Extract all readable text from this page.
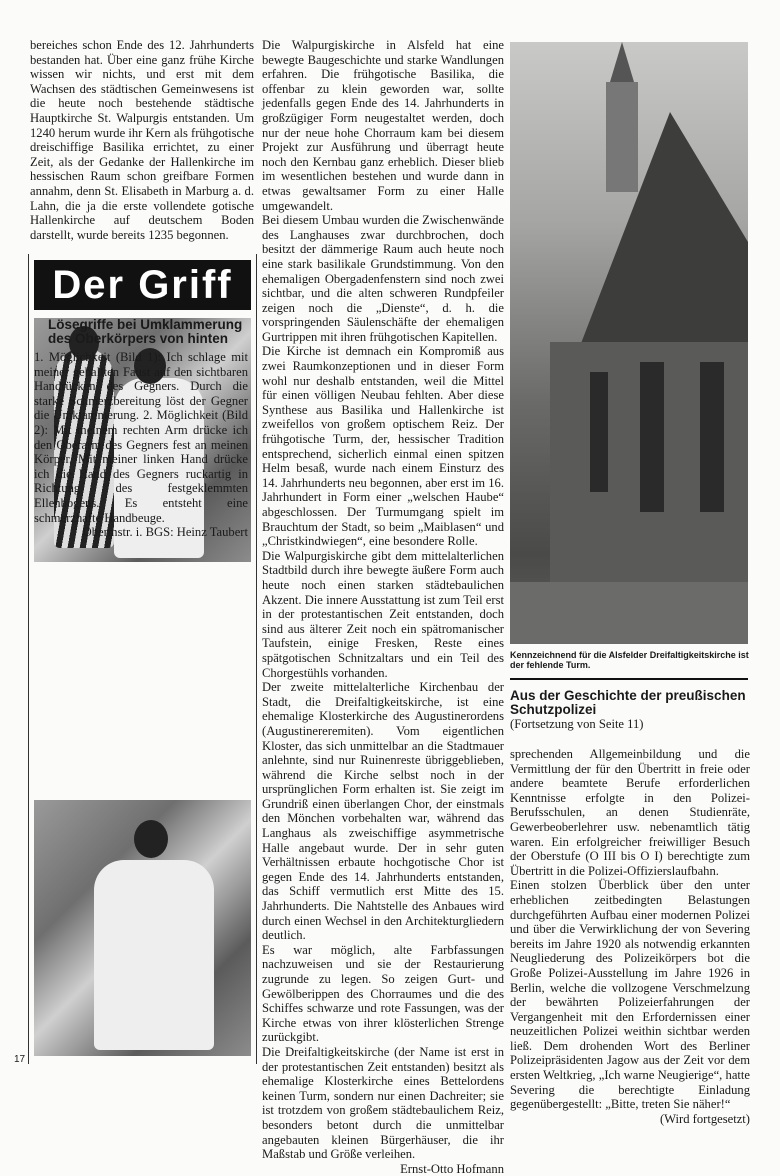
bereiches schon Ende des 12. Jahrhunderts bestanden hat. Über eine ganz frühe Kirche wissen wir nichts, und erst mit dem Wachsen des städtischen Gemeinwesens ist die heute noch bestehende städtische Hauptkirche St. Walpurgis entstanden. Um 1240 herum wurde ihr Kern als frühgotische dreischiffige Basilika errichtet, zu einer Zeit, als der Gedanke der Hallenkirche im hessischen Raum schon greifbare Formen annahm, denn St. Elisabeth in Marburg a. d. Lahn, die ja die erste vollendete gotische Hallenkirche auf deutschem Boden darstellt, wurde bereits 1235 begonnen.

Der Griff
Lösegriffe bei Umklammerung des Oberkörpers von hinten

1. Möglichkeit (Bild 1): Ich schlage mit meiner geballten Faust auf den sichtbaren Handrücken des Gegners. Durch die starke Schmerzbereitung löst der Gegner die Umklammerung. 2. Möglichkeit (Bild 2): Mit meinem rechten Arm drücke ich den Oberarm des Gegners fest an meinen Körper. Mit meiner linken Hand drücke ich die Hand des Gegners ruckartig in Richtung des festgeklemmten Ellenbogens. Es entsteht eine schmerzhafte Handbeuge.

Obermstr. i. BGS: Heinz Taubert

Die Walpurgiskirche in Alsfeld hat eine bewegte Baugeschichte und starke Wandlungen erfahren. Die frühgotische Basilika, die offenbar zu klein geworden war, sollte jedenfalls gegen Ende des 14. Jahrhunderts in großzügiger Form neugestaltet werden, doch nur der neue hohe Chorraum kam bei diesem Projekt zur Ausführung und überragt heute noch den Kernbau ganz erheblich. Dieser blieb im wesentlichen bestehen und wurde dann in etwas gewaltsamer Form zu einer Halle umgewandelt.

Bei diesem Umbau wurden die Zwischenwände des Langhauses zwar durchbrochen, doch besitzt der dämmerige Raum auch heute noch eine stark basilikale Grundstimmung. Von den ehemaligen Obergadenfenstern sind noch zwei sichtbar, und die alten schweren Rundpfeiler zeigen noch die „Dienste“, d. h. die vorspringenden Säulenschäfte der ehemaligen Gurtrippen mit ihren frühgotischen Kapitellen.

Die Kirche ist demnach ein Kompromiß aus zwei Raumkonzeptionen und in dieser Form wohl nur deshalb entstanden, weil die Mittel für einen völligen Neubau fehlten. Aber diese Synthese aus Basilika und Hallenkirche ist zweifellos von großem optischem Reiz. Der frühgotische Turm, der, hessischer Tradition entsprechend, sicherlich einmal einen spitzen Helm besaß, wurde nach einem Einsturz des 14. Jahrhunderts neu begonnen, aber erst im 16. Jahrhundert in Form einer „welschen Haube“ abgeschlossen. Der Turmumgang spielt im Brauchtum der Stadt, so beim „Maiblasen“ und „Christkindwiegen“, eine besondere Rolle.

Die Walpurgiskirche gibt dem mittelalterlichen Stadtbild durch ihre bewegte äußere Form auch heute noch einen starken städtebaulichen Akzent. Die innere Ausstattung ist zum Teil erst in der protestantischen Zeit entstanden, doch sind aus älterer Zeit noch ein spätromanischer Taufstein, einige Fresken, Reste eines spätgotischen Schnitzaltars und ein Teil des Chorgestühls vorhanden.

Der zweite mittelalterliche Kirchenbau der Stadt, die Dreifaltigkeitskirche, ist eine ehemalige Klosterkirche des Augustinerordens (Augustinereremiten). Vom eigentlichen Kloster, das sich unmittelbar an die Stadtmauer anlehnte, sind nur Ruinenreste übriggeblieben, während die Kirche selbst noch in der ursprünglichen Form erhalten ist. Sie zeigt im Grundriß einen überlangen Chor, der einstmals den Mönchen vorbehalten war, während das Langhaus als zweischiffige asymmetrische Halle angebaut wurde. Der in sehr guten Verhältnissen erbaute hochgotische Chor ist gegen Ende des 14. Jahrhunderts entstanden, das Schiff vermutlich erst Mitte des 15. Jahrhunderts. Die Nahtstelle des Anbaues wird durch einen Wechsel in den Architekturgliedern deutlich.

Es war möglich, alte Farbfassungen nachzuweisen und sie der Restaurierung zugrunde zu legen. So zeigen Gurt- und Gewölberippen des Chorraumes und die des Schiffes schwarze und rote Fassungen, was der Kirche etwas von ihrer klösterlichen Strenge zurückgibt.

Die Dreifaltigkeitskirche (der Name ist erst in der protestantischen Zeit entstanden) besitzt als ehemalige Klosterkirche eines Bettelordens keinen Turm, sondern nur einen Dachreiter; sie ist trotzdem von großem städtebaulichem Reiz, besonders betont durch die unmittelbar angebauten kleinen Bürgerhäuser, die ihr Maßstab und Größe verleihen.
Ernst-Otto Hofmann

Kennzeichnend für die Alsfelder Dreifaltigkeitskirche ist der fehlende Turm.
Aus der Geschichte der preußischen Schutzpolizei
(Fortsetzung von Seite 11)

sprechenden Allgemeinbildung und die Vermittlung der für den Übertritt in freie oder andere beamtete Berufe erforderlichen Kenntnisse erfolgte in den Polizei-Berufsschulen, an denen Studienräte, Gewerbeoberlehrer usw. nebenamtlich tätig waren. Ein erfolgreicher freiwilliger Besuch der Oberstufe (O III bis O I) berechtigte zum Übertritt in die Polizei-Offizierslaufbahn.

Einen stolzen Überblick über den unter erheblichen zeitbedingten Belastungen durchgeführten Aufbau einer modernen Polizei und über die Verwirklichung der von Severing bereits im Jahre 1920 als notwendig erkannten Neugliederung des Polizeikörpers bot die Große Polizei-Ausstellung im Jahre 1926 in Berlin, welche die vollzogene Verschmelzung der bewährten Polizeierfahrungen der Vergangenheit mit den Erfordernissen einer neuzeitlichen Polizei weithin sichtbar werden ließ. Dem drohenden Wort des Berliner Polizeipräsidenten Jagow aus der Zeit vor dem ersten Weltkrieg, „Ich warne Neugierige“, hatte Severing die berechtigte Einladung gegenübergestellt: „Bitte, treten Sie näher!“
(Wird fortgesetzt)

17
